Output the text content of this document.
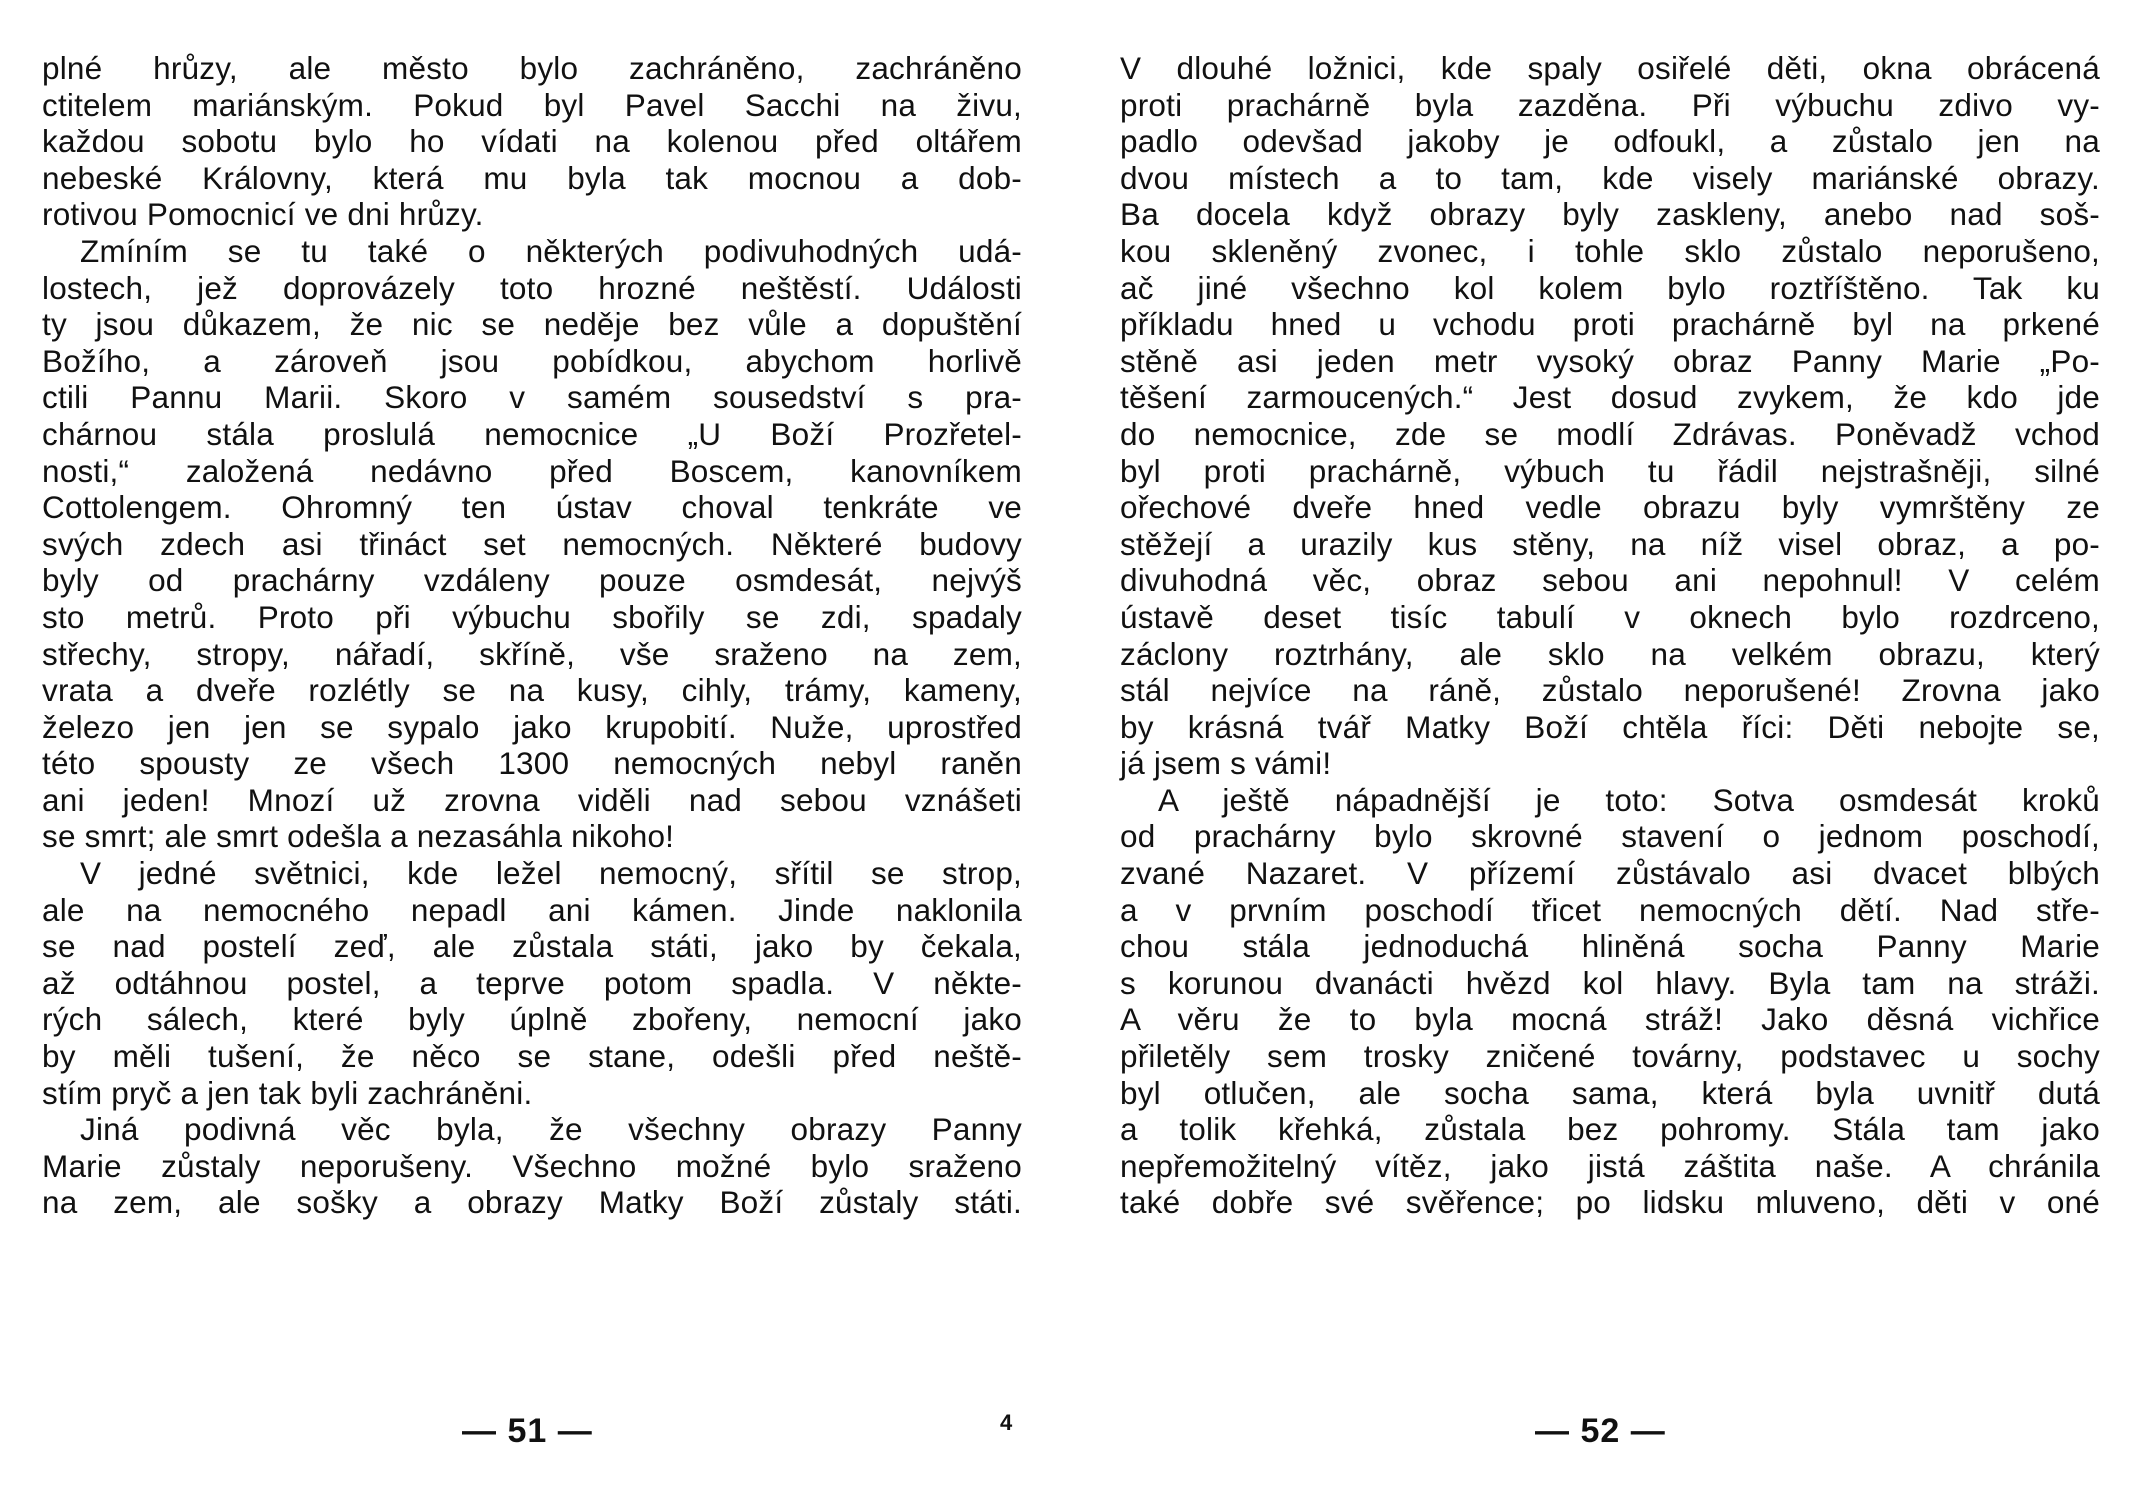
plné hrůzy, ale město bylo zachráněno, zachráněno

ctitelem mariánským. Pokud byl Pavel Sacchi na živu,

každou sobotu bylo ho vídati na kolenou před oltářem

nebeské Královny, která mu byla tak mocnou a dob-

rotivou Pomocnicí ve dni hrůzy.

Zmíním se tu také o některých podivuhodných udá-

lostech, jež doprovázely toto hrozné neštěstí. Události

ty jsou důkazem, že nic se neděje bez vůle a dopuštění

Božího, a zároveň jsou pobídkou, abychom horlivě

ctili Pannu Marii. Skoro v samém sousedství s pra-

chárnou stála proslulá nemocnice „U Boží Prozřetel-

nosti,“ založená nedávno před Boscem, kanovníkem

Cottolengem. Ohromný ten ústav choval tenkráte ve

svých zdech asi třináct set nemocných. Některé budovy

byly od prachárny vzdáleny pouze osmdesát, nejvýš

sto metrů. Proto při výbuchu sbořily se zdi, spadaly

střechy, stropy, nářadí, skříně, vše sraženo na zem,

vrata a dveře rozlétly se na kusy, cihly, trámy, kameny,

železo jen jen se sypalo jako krupobití. Nuže, uprostřed

této spousty ze všech 1300 nemocných nebyl raněn

ani jeden! Mnozí už zrovna viděli nad sebou vznášeti

se smrt; ale smrt odešla a nezasáhla nikoho!

V jedné světnici, kde ležel nemocný, sřítil se strop,

ale na nemocného nepadl ani kámen. Jinde naklonila

se nad postelí zeď, ale zůstala státi, jako by čekala,

až odtáhnou postel, a teprve potom spadla. V někte-

rých sálech, které byly úplně zbořeny, nemocní jako

by měli tušení, že něco se stane, odešli před neště-

stím pryč a jen tak byli zachráněni.

Jiná podivná věc byla, že všechny obrazy Panny

Marie zůstaly neporušeny. Všechno možné bylo sraženo

na zem, ale sošky a obrazy Matky Boží zůstaly státi.

V dlouhé ložnici, kde spaly osiřelé děti, okna obrácená

proti prachárně byla zazděna. Při výbuchu zdivo vy-

padlo odevšad jakoby je odfoukl, a zůstalo jen na

dvou místech a to tam, kde visely mariánské obrazy.

Ba docela když obrazy byly zaskleny, anebo nad soš-

kou skleněný zvonec, i tohle sklo zůstalo neporušeno,

ač jiné všechno kol kolem bylo roztříštěno. Tak ku

příkladu hned u vchodu proti prachárně byl na prkené

stěně asi jeden metr vysoký obraz Panny Marie „Po-

těšení zarmoucených.“ Jest dosud zvykem, že kdo jde

do nemocnice, zde se modlí Zdrávas. Poněvadž vchod

byl proti prachárně, výbuch tu řádil nejstrašněji, silné

ořechové dveře hned vedle obrazu byly vymrštěny ze

stěžejí a urazily kus stěny, na níž visel obraz, a po-

divuhodná věc, obraz sebou ani nepohnul! V celém

ústavě deset tisíc tabulí v oknech bylo rozdrceno,

záclony roztrhány, ale sklo na velkém obrazu, který

stál nejvíce na ráně, zůstalo neporušené! Zrovna jako

by krásná tvář Matky Boží chtěla říci: Děti nebojte se,

já jsem s vámi!

A ještě nápadnější je toto: Sotva osmdesát kroků

od prachárny bylo skrovné stavení o jednom poschodí,

zvané Nazaret. V přízemí zůstávalo asi dvacet blbých

a v prvním poschodí třicet nemocných dětí. Nad stře-

chou stála jednoduchá hliněná socha Panny Marie

s korunou dvanácti hvězd kol hlavy. Byla tam na stráži.

A věru že to byla mocná stráž! Jako děsná vichřice

přiletěly sem trosky zničené továrny, podstavec u sochy

byl otlučen, ale socha sama, která byla uvnitř dutá

a tolik křehká, zůstala bez pohromy. Stála tam jako

nepřemožitelný vítěz, jako jistá záštita naše. A chránila

také dobře své svěřence; po lidsku mluveno, děti v oné

— 51 —	4	— 52 —
